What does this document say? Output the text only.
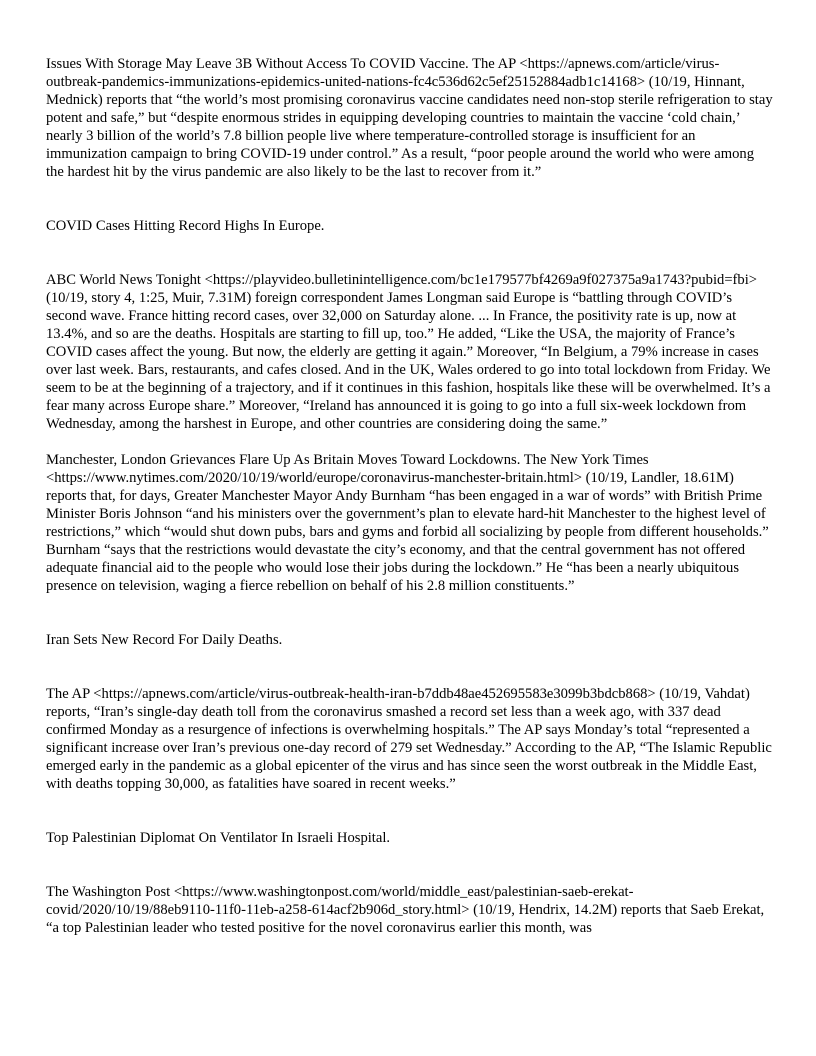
Issues With Storage May Leave 3B Without Access To COVID Vaccine. The AP <https://apnews.com/article/virus-outbreak-pandemics-immunizations-epidemics-united-nations-fc4c536d62c5ef25152884adb1c14168> (10/19, Hinnant, Mednick) reports that “the world’s most promising coronavirus vaccine candidates need non-stop sterile refrigeration to stay potent and safe,” but “despite enormous strides in equipping developing countries to maintain the vaccine ‘cold chain,’ nearly 3 billion of the world’s 7.8 billion people live where temperature-controlled storage is insufficient for an immunization campaign to bring COVID-19 under control.” As a result, “poor people around the world who were among the hardest hit by the virus pandemic are also likely to be the last to recover from it.”

COVID Cases Hitting Record Highs In Europe.

ABC World News Tonight <https://playvideo.bulletinintelligence.com/bc1e179577bf4269a9f027375a9a1743?pubid=fbi> (10/19, story 4, 1:25, Muir, 7.31M) foreign correspondent James Longman said Europe is “battling through COVID’s second wave. France hitting record cases, over 32,000 on Saturday alone. ... In France, the positivity rate is up, now at 13.4%, and so are the deaths. Hospitals are starting to fill up, too.” He added, “Like the USA, the majority of France’s COVID cases affect the young. But now, the elderly are getting it again.” Moreover, “In Belgium, a 79% increase in cases over last week. Bars, restaurants, and cafes closed. And in the UK, Wales ordered to go into total lockdown from Friday. We seem to be at the beginning of a trajectory, and if it continues in this fashion, hospitals like these will be overwhelmed. It’s a fear many across Europe share.” Moreover, “Ireland has announced it is going to go into a full six-week lockdown from Wednesday, among the harshest in Europe, and other countries are considering doing the same.”

Manchester, London Grievances Flare Up As Britain Moves Toward Lockdowns. The New York Times <https://www.nytimes.com/2020/10/19/world/europe/coronavirus-manchester-britain.html> (10/19, Landler, 18.61M) reports that, for days, Greater Manchester Mayor Andy Burnham “has been engaged in a war of words” with British Prime Minister Boris Johnson “and his ministers over the government’s plan to elevate hard-hit Manchester to the highest level of restrictions,” which “would shut down pubs, bars and gyms and forbid all socializing by people from different households.” Burnham “says that the restrictions would devastate the city’s economy, and that the central government has not offered adequate financial aid to the people who would lose their jobs during the lockdown.” He “has been a nearly ubiquitous presence on television, waging a fierce rebellion on behalf of his 2.8 million constituents.”

Iran Sets New Record For Daily Deaths.

The AP <https://apnews.com/article/virus-outbreak-health-iran-b7ddb48ae452695583e3099b3bdcb868> (10/19, Vahdat) reports, “Iran’s single-day death toll from the coronavirus smashed a record set less than a week ago, with 337 dead confirmed Monday as a resurgence of infections is overwhelming hospitals.” The AP says Monday’s total “represented a significant increase over Iran’s previous one-day record of 279 set Wednesday.” According to the AP, “The Islamic Republic emerged early in the pandemic as a global epicenter of the virus and has since seen the worst outbreak in the Middle East, with deaths topping 30,000, as fatalities have soared in recent weeks.”

Top Palestinian Diplomat On Ventilator In Israeli Hospital.

The Washington Post <https://www.washingtonpost.com/world/middle_east/palestinian-saeb-erekat-covid/2020/10/19/88eb9110-11f0-11eb-a258-614acf2b906d_story.html> (10/19, Hendrix, 14.2M) reports that Saeb Erekat, “a top Palestinian leader who tested positive for the novel coronavirus earlier this month, was
